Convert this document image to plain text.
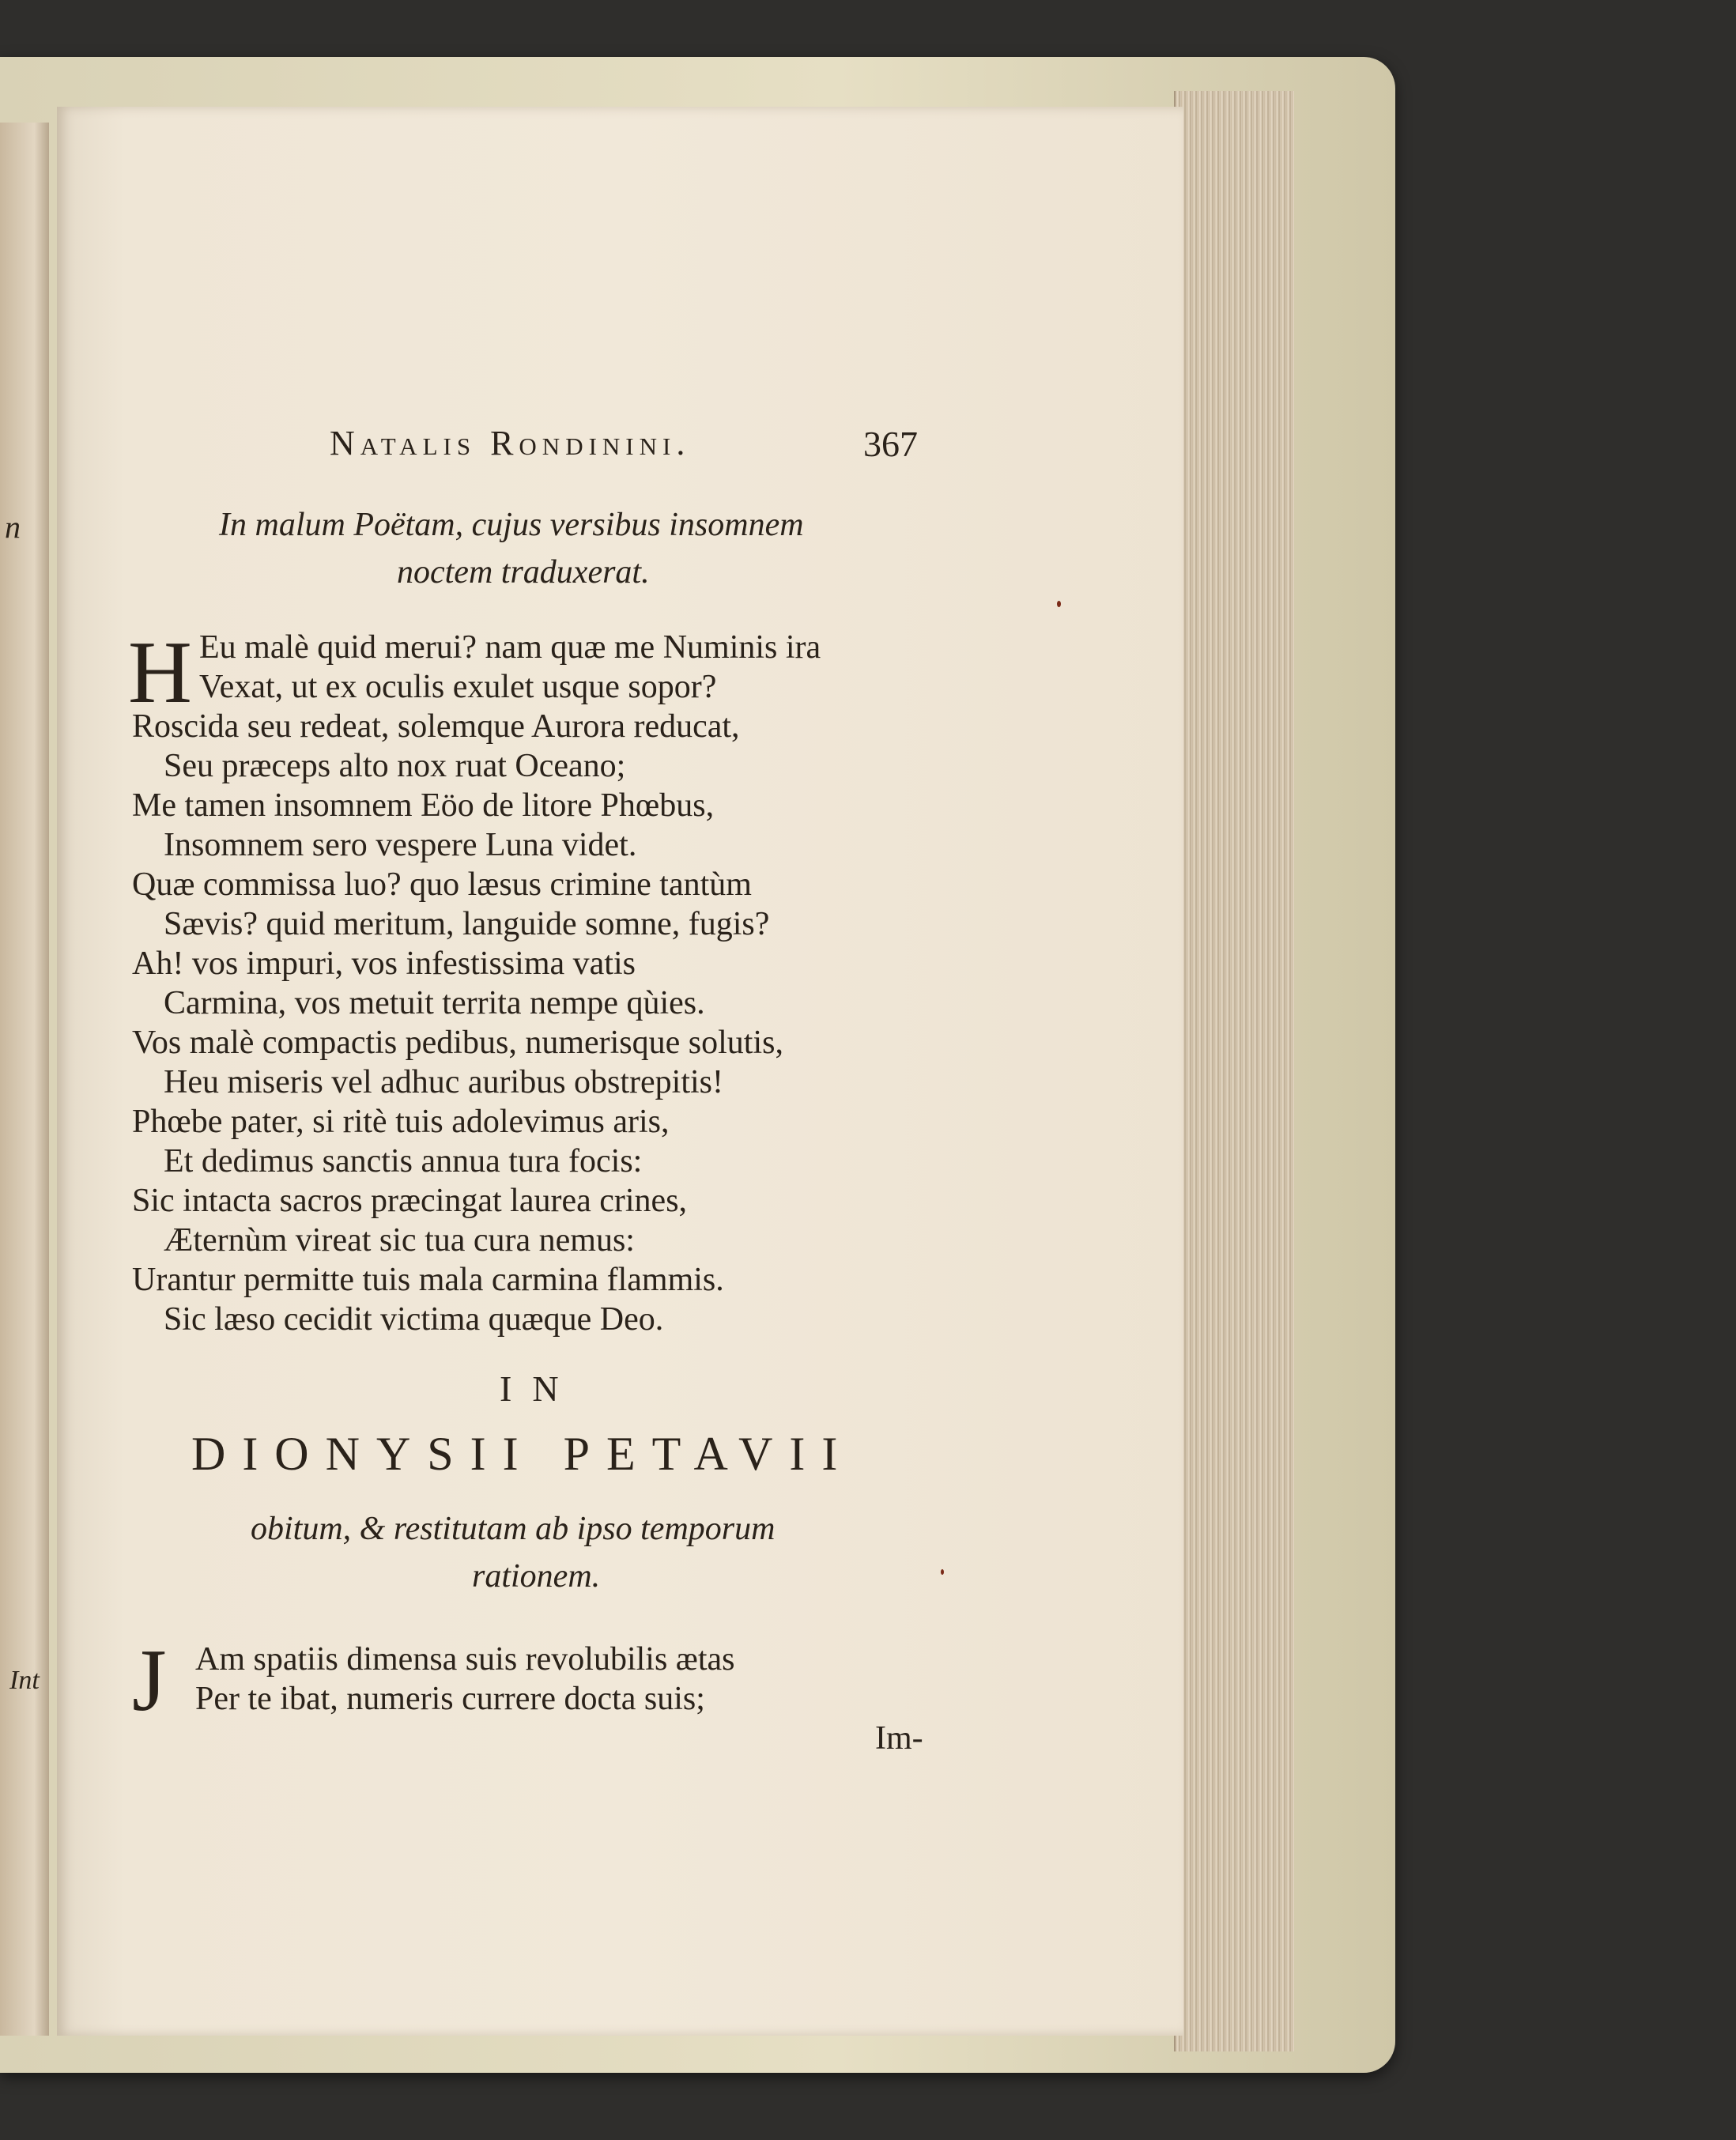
n
Int
Natalis Rondinini.	367
In malum Poëtam, cujus versibus insomnem
noctem traduxerat.
H Eu malè quid merui? nam quæ me Numinis ira
Vexat, ut ex oculis exulet usque sopor?
Roscida seu redeat, solemque Aurora reducat,
Seu præceps alto nox ruat Oceano;
Me tamen insomnem Eöo de litore Phœbus,
Insomnem sero vespere Luna videt.
Quæ commissa luo? quo læsus crimine tantùm
Sævis? quid meritum, languide somne, fugis?
Ah! vos impuri, vos infestissima vatis
Carmina, vos metuit territa nempe qùies.
Vos malè compactis pedibus, numerisque solutis,
Heu miseris vel adhuc auribus obstrepitis!
Phœbe pater, si ritè tuis adolevimus aris,
Et dedimus sanctis annua tura focis:
Sic intacta sacros præcingat laurea crines,
Æternùm vireat sic tua cura nemus:
Urantur permitte tuis mala carmina flammis.
Sic læso cecidit victima quæque Deo.
IN
DIONYSII PETAVII
obitum, & restitutam ab ipso temporum
rationem.
J Am spatiis dimensa suis revolubilis ætas
Per te ibat, numeris currere docta suis;
Im-
